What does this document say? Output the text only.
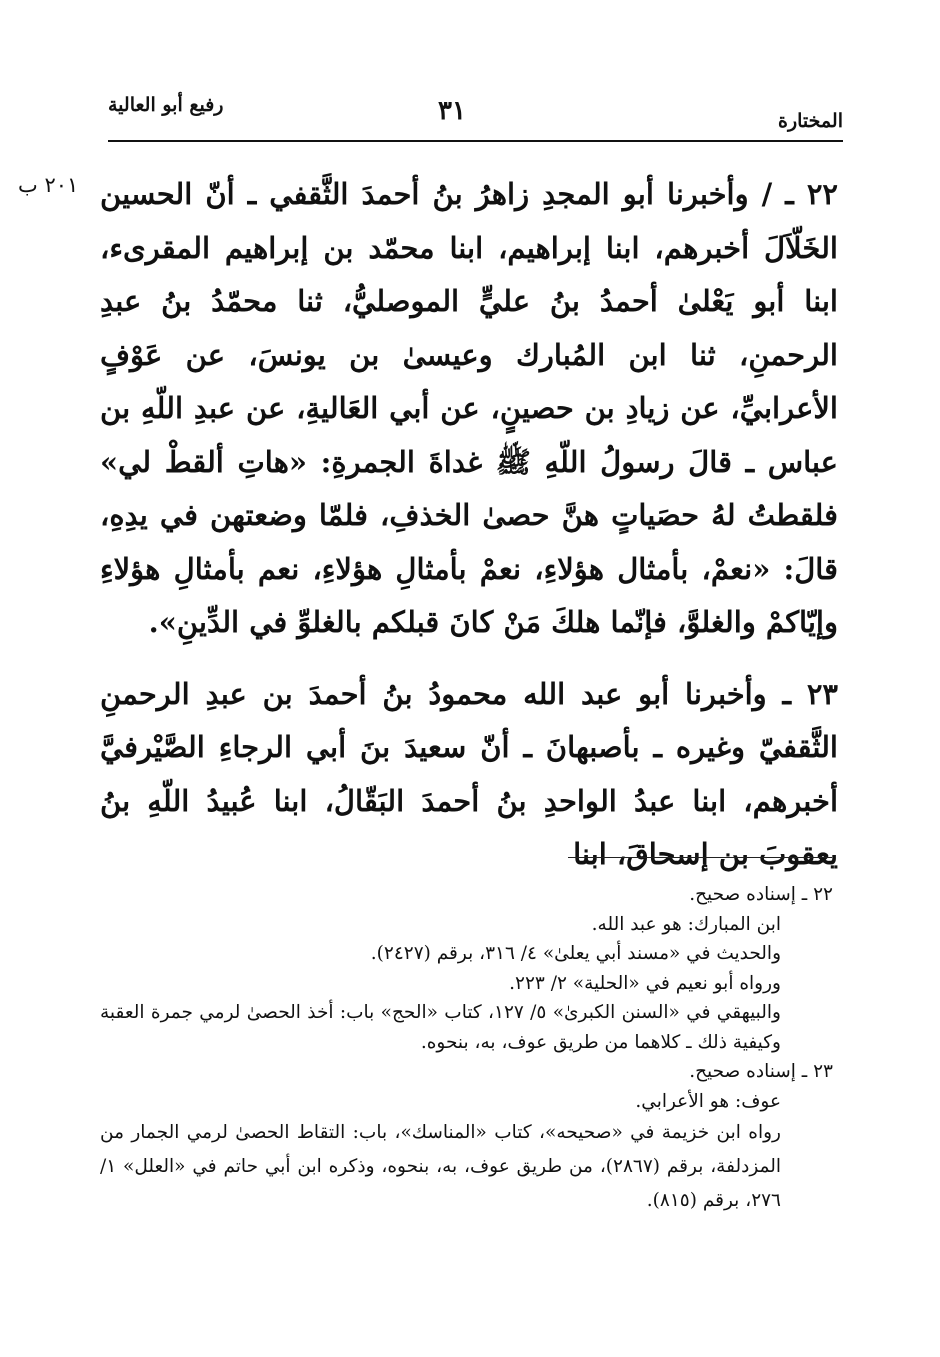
المختارة
٣١
رفيع أبو العالية
٢٠١ ب ٢٢ ـ / وأخبرنا أبو المجدِ زاهرُ بنُ أحمدَ الثَّقفي ـ أنّ الحسين الخَلّاَلَ أخبرهم، ابنا إبراهيم، ابنا محمّد بن إبراهيم المقرىء، ابنا أبو يَعْلىٰ أحمدُ بنُ عليٍّ الموصليُّ، ثنا محمّدُ بنُ عبدِ الرحمنِ، ثنا ابن المُبارك وعيسىٰ بن يونسَ، عن عَوْفٍ الأعرابيِّ، عن زيادِ بن حصينٍ، عن أبي العَاليةِ، عن عبدِ اللّهِ بن عباس ـ قالَ رسولُ اللّهِ ﷺ غداةَ الجمرةِ: «هاتِ ألقطْ لي» فلقطتُ لهُ حصَياتٍ هنَّ حصىٰ الخذفِ، فلمّا وضعتهن في يدِهِ، قالَ: «نعمْ، بأمثال هؤلاءِ، نعمْ بأمثالِ هؤلاءِ، نعم بأمثالِ هؤلاءِ وإيّاكمْ والغلوَّ، فإنّما هلكَ مَنْ كانَ قبلكم بالغلوِّ في الدِّينِ».

٢٣ ـ وأخبرنا أبو عبد الله محمودُ بنُ أحمدَ بن عبدِ الرحمنِ الثَّقفيّ وغيره ـ بأصبهانَ ـ أنّ سعيدَ بنَ أبي الرجاءِ الصَّيْرفيَّ أخبرهم، ابنا عبدُ الواحدِ بنُ أحمدَ البَقّالُ، ابنا عُبيدُ اللّهِ بنُ يعقوبَ بن إسحاقَ، ابنا

٢٢ ـ إسناده صحيح.

ابن المبارك: هو عبد الله.

والحديث في «مسند أبي يعلىٰ» ٤/ ٣١٦، برقم (٢٤٢٧).

ورواه أبو نعيم في «الحلية» ٢/ ٢٢٣.

والبيهقي في «السنن الكبرىٰ» ٥/ ١٢٧، كتاب «الحج» باب: أخذ الحصىٰ لرمي جمرة العقبة وكيفية ذلك ـ كلاهما من طريق عوف، به، بنحوه.

٢٣ ـ إسناده صحيح.

عوف: هو الأعرابي.

رواه ابن خزيمة في «صحيحه»، كتاب «المناسك»، باب: التقاط الحصىٰ لرمي الجمار من المزدلفة، برقم (٢٨٦٧)، من طريق عوف، به، بنحوه، وذكره ابن أبي حاتم في «العلل» ١/ ٢٧٦، برقم (٨١٥).
